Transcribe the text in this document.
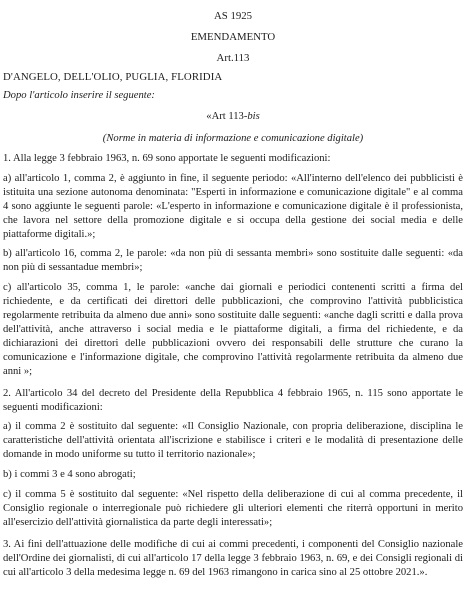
AS 1925
EMENDAMENTO
Art.113
D'ANGELO, DELL'OLIO, PUGLIA, FLORIDIA
Dopo l'articolo inserire il seguente:
«Art 113-bis
(Norme in materia di informazione e comunicazione digitale)

1. Alla legge 3 febbraio 1963, n. 69 sono apportate le seguenti modificazioni:

a) all'articolo 1, comma 2, è aggiunto in fine, il seguente periodo: «All'interno dell'elenco dei pubblicisti è istituita una sezione autonoma denominata: "Esperti in informazione e comunicazione digitale" e al comma 4 sono aggiunte le seguenti parole: «L'esperto in informazione e comunicazione digitale è il professionista, che lavora nel settore della promozione digitale e si occupa della gestione dei social media e delle piattaforme digitali.»;

b) all'articolo 16, comma 2, le parole: «da non più di sessanta membri» sono sostituite dalle seguenti: «da non più di sessantadue membri»;

c) all'articolo 35, comma 1, le parole: «anche dai giornali e periodici contenenti scritti a firma del richiedente, e da certificati dei direttori delle pubblicazioni, che comprovino l'attività pubblicistica regolarmente retribuita da almeno due anni» sono sostituite dalle seguenti: «anche dagli scritti e dalla prova dell'attività, anche attraverso i social media e le piattaforme digitali, a firma del richiedente, e da dichiarazioni dei direttori delle pubblicazioni ovvero dei responsabili delle strutture che curano la comunicazione e l'informazione digitale, che comprovino l'attività regolarmente retribuita da almeno due anni »;

2. All'articolo 34 del decreto del Presidente della Repubblica 4 febbraio 1965, n. 115 sono apportate le seguenti modificazioni:

a) il comma 2 è sostituito dal seguente: «Il Consiglio Nazionale, con propria deliberazione, disciplina le caratteristiche dell'attività orientata all'iscrizione e stabilisce i criteri e le modalità di presentazione delle domande in modo uniforme su tutto il territorio nazionale»;

b) i commi 3 e 4 sono abrogati;

c) il comma 5 è sostituito dal seguente: «Nel rispetto della deliberazione di cui al comma precedente, il Consiglio regionale o interregionale può richiedere gli ulteriori elementi che riterrà opportuni in merito all'esercizio dell'attività giornalistica da parte degli interessati»;

3. Ai fini dell'attuazione delle modifiche di cui ai commi precedenti, i componenti del Consiglio nazionale dell'Ordine dei giornalisti, di cui all'articolo 17 della legge 3 febbraio 1963, n. 69, e dei Consigli regionali di cui all'articolo 3 della medesima legge n. 69 del 1963 rimangono in carica sino al 25 ottobre 2021.».
